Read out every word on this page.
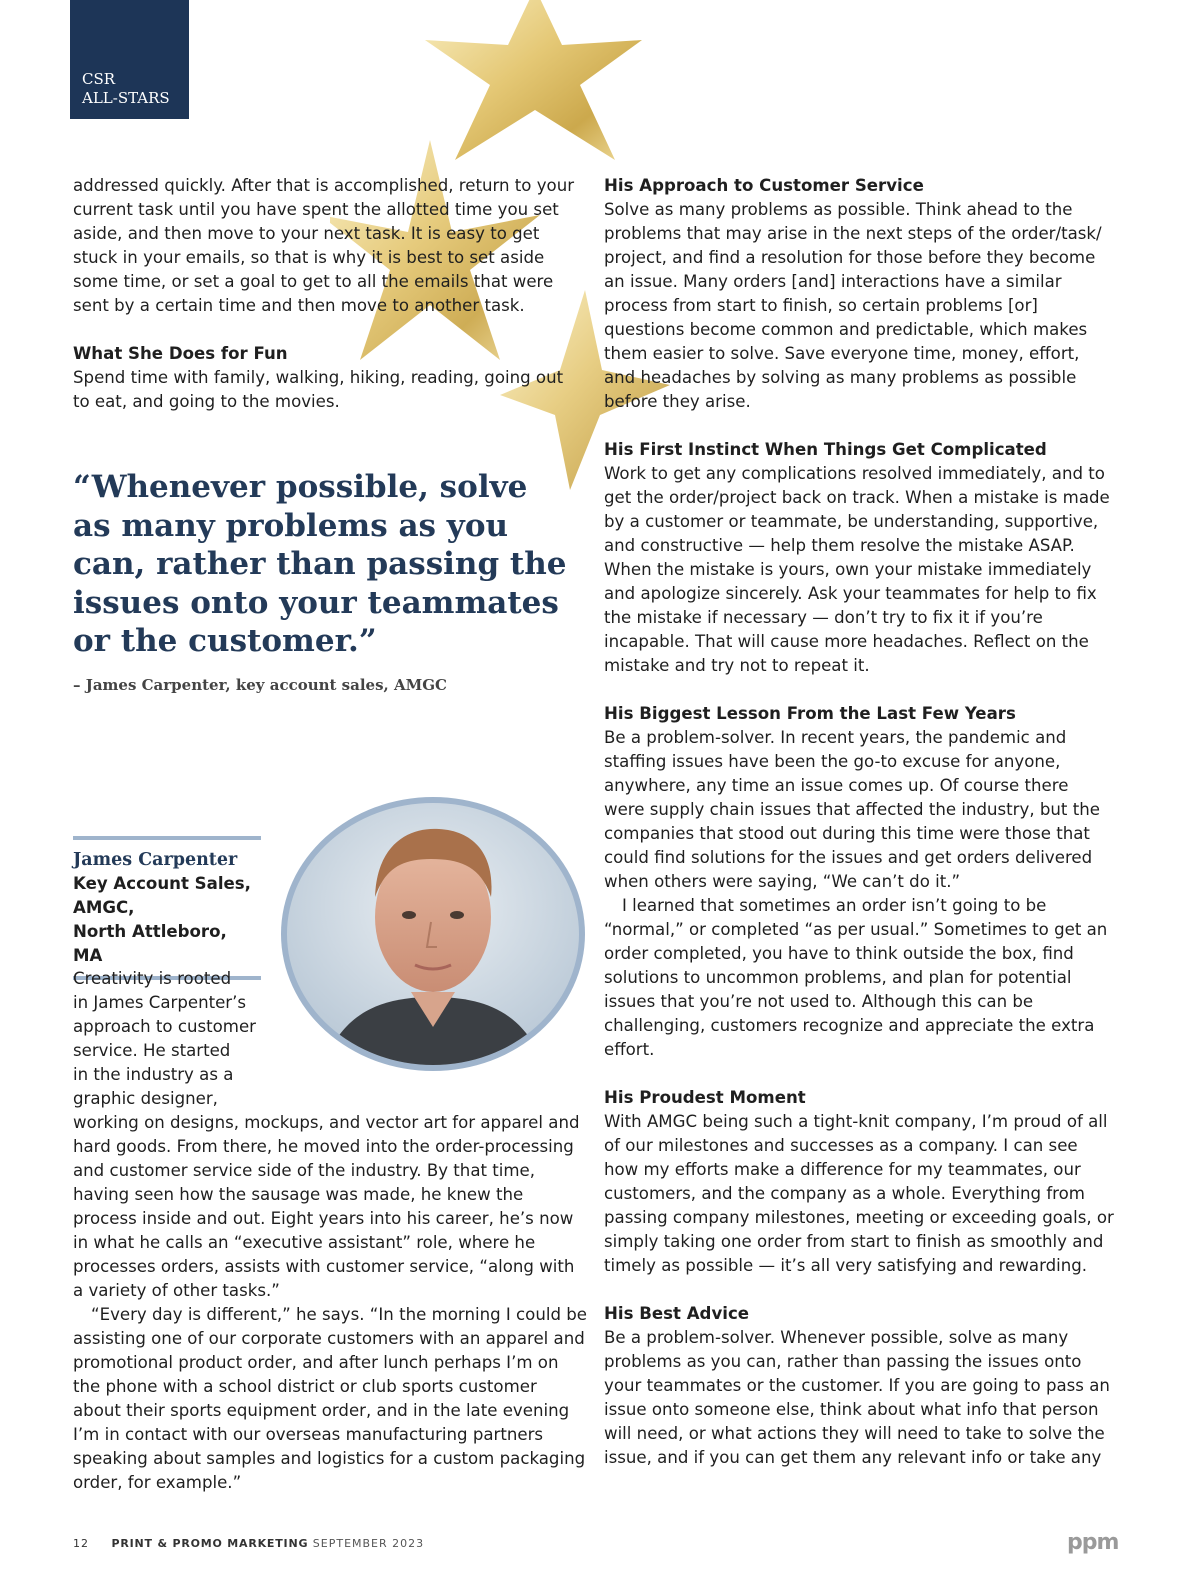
CSR
ALL-STARS

addressed quickly. After that is accomplished, return to your current task until you have spent the allotted time you set aside, and then move to your next task. It is easy to get stuck in your emails, so that is why it is best to set aside some time, or set a goal to get to all the emails that were sent by a certain time and then move to another task.

What She Does for Fun

Spend time with family, walking, hiking, reading, going out to eat, and going to the movies.

“Whenever possible, solve as many problems as you can, rather than passing the issues onto your teammates or the customer.”
– James Carpenter, key account sales, AMGC
James Carpenter
Key Account Sales,
AMGC,
North Attleboro, MA

Creativity is rooted

in James Carpenter’s

approach to customer

service. He started

in the industry as a

graphic designer,

working on designs, mockups, and vector art for apparel and hard goods. From there, he moved into the order-processing and customer service side of the industry. By that time, having seen how the sausage was made, he knew the process inside and out. Eight years into his career, he’s now in what he calls an “executive assistant” role, where he processes orders, assists with customer service, “along with a variety of other tasks.”

“Every day is different,” he says. “In the morning I could be assisting one of our corporate customers with an apparel and promotional product order, and after lunch perhaps I’m on the phone with a school district or club sports customer about their sports equipment order, and in the late evening I’m in contact with our overseas manufacturing partners speaking about samples and logistics for a custom packaging order, for example.”

His Approach to Customer Service

Solve as many problems as possible. Think ahead to the problems that may arise in the next steps of the order/task/ project, and find a resolution for those before they become an issue. Many orders [and] interactions have a similar process from start to finish, so certain problems [or] questions become common and predictable, which makes them easier to solve. Save everyone time, money, effort, and headaches by solving as many problems as possible before they arise.

His First Instinct When Things Get Complicated

Work to get any complications resolved immediately, and to get the order/project back on track. When a mistake is made by a customer or teammate, be understanding, supportive, and constructive — help them resolve the mistake ASAP. When the mistake is yours, own your mistake immediately and apologize sincerely. Ask your teammates for help to fix the mistake if necessary — don’t try to fix it if you’re incapable. That will cause more headaches. Reflect on the mistake and try not to repeat it.

His Biggest Lesson From the Last Few Years

Be a problem-solver. In recent years, the pandemic and staffing issues have been the go-to excuse for anyone, anywhere, any time an issue comes up. Of course there were supply chain issues that affected the industry, but the companies that stood out during this time were those that could find solutions for the issues and get orders delivered when others were saying, “We can’t do it.”

I learned that sometimes an order isn’t going to be “normal,” or completed “as per usual.” Sometimes to get an order completed, you have to think outside the box, find solutions to uncommon problems, and plan for potential issues that you’re not used to. Although this can be challenging, customers recognize and appreciate the extra effort.

His Proudest Moment

With AMGC being such a tight-knit company, I’m proud of all of our milestones and successes as a company. I can see how my efforts make a difference for my teammates, our customers, and the company as a whole. Everything from passing company milestones, meeting or exceeding goals, or simply taking one order from start to finish as smoothly and timely as possible — it’s all very satisfying and rewarding.

His Best Advice

Be a problem-solver. Whenever possible, solve as many problems as you can, rather than passing the issues onto your teammates or the customer. If you are going to pass an issue onto someone else, think about what info that person will need, or what actions they will need to take to solve the issue, and if you can get them any relevant info or take any

12 PRINT & PROMO MARKETING SEPTEMBER 2023	ppm
